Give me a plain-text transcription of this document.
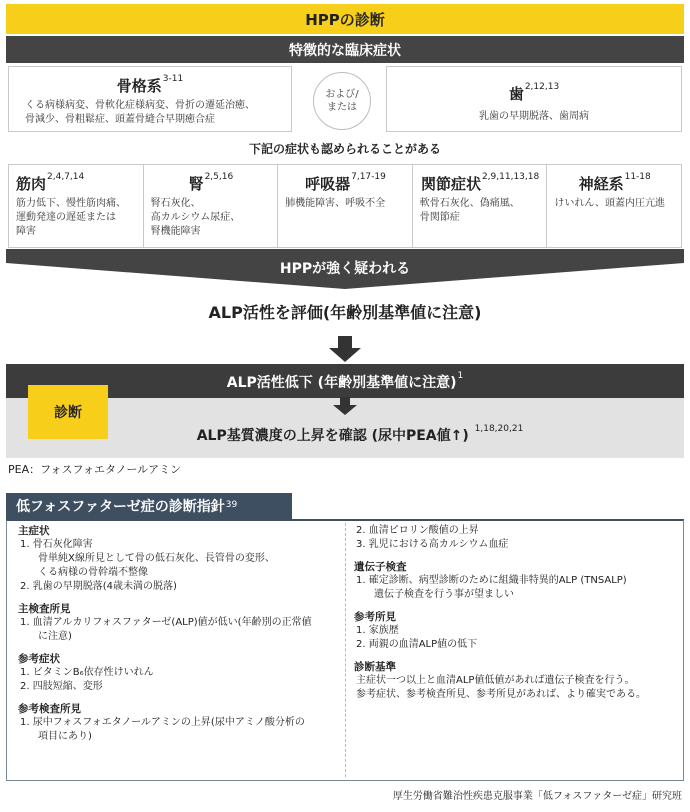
HPPの診断
特徴的な臨床症状
骨格系$^{3-11}$
くる病様病変、骨軟化症様病変、骨折の遷延治癒、
骨減少、骨粗鬆症、頭蓋骨縫合早期癒合症
および/
または
歯$^{2,12,13}$
乳歯の早期脱落、歯周病
下記の症状も認められることがある
筋肉$^{2,4,7,14}$
筋力低下、慢性筋肉痛、
運動発達の遅延または
障害
腎$^{2,5,16}$
腎石灰化、
高カルシウム尿症、
腎機能障害
呼吸器$^{7,17-19}$
肺機能障害、呼吸不全
関節症状$^{2,9,11,13,18}$
軟骨石灰化、偽痛風、
骨関節症
神経系$^{11-18}$
けいれん、頭蓋内圧亢進
HPPが強く疑われる
ALP活性を評価(年齢別基準値に注意)
ALP活性低下 (年齢別基準値に注意)$^1$
診断
ALP基質濃度の上昇を確認 (尿中PEA値↑) $^{1,18,20,21}$
PEA：フォスフォエタノールアミン
低フォスファターゼ症の診断指針$^{39}$
主症状
1. 骨石灰化障害
骨単純X線所見として骨の低石灰化、長管骨の変形、
くる病様の骨幹端不整像
2. 乳歯の早期脱落(4歳未満の脱落)
主検査所見
1. 血清アルカリフォスファターゼ(ALP)値が低い(年齢別の正常値
に注意)
参考症状
1. ビタミンB₆依存性けいれん
2. 四肢短縮、変形
参考検査所見
1. 尿中フォスフォエタノールアミンの上昇(尿中アミノ酸分析の
項目にあり)
2. 血清ピロリン酸値の上昇
3. 乳児における高カルシウム血症
遺伝子検査
1. 確定診断、病型診断のために組織非特異的ALP (TNSALP)
遺伝子検査を行う事が望ましい
参考所見
1. 家族歴
2. 両親の血清ALP値の低下
診断基準
主症状一つ以上と血清ALP値低値があれば遺伝子検査を行う。
参考症状、参考検査所見、参考所見があれば、より確実である。
厚生労働省難治性疾患克服事業「低フォスファターゼ症」研究班
